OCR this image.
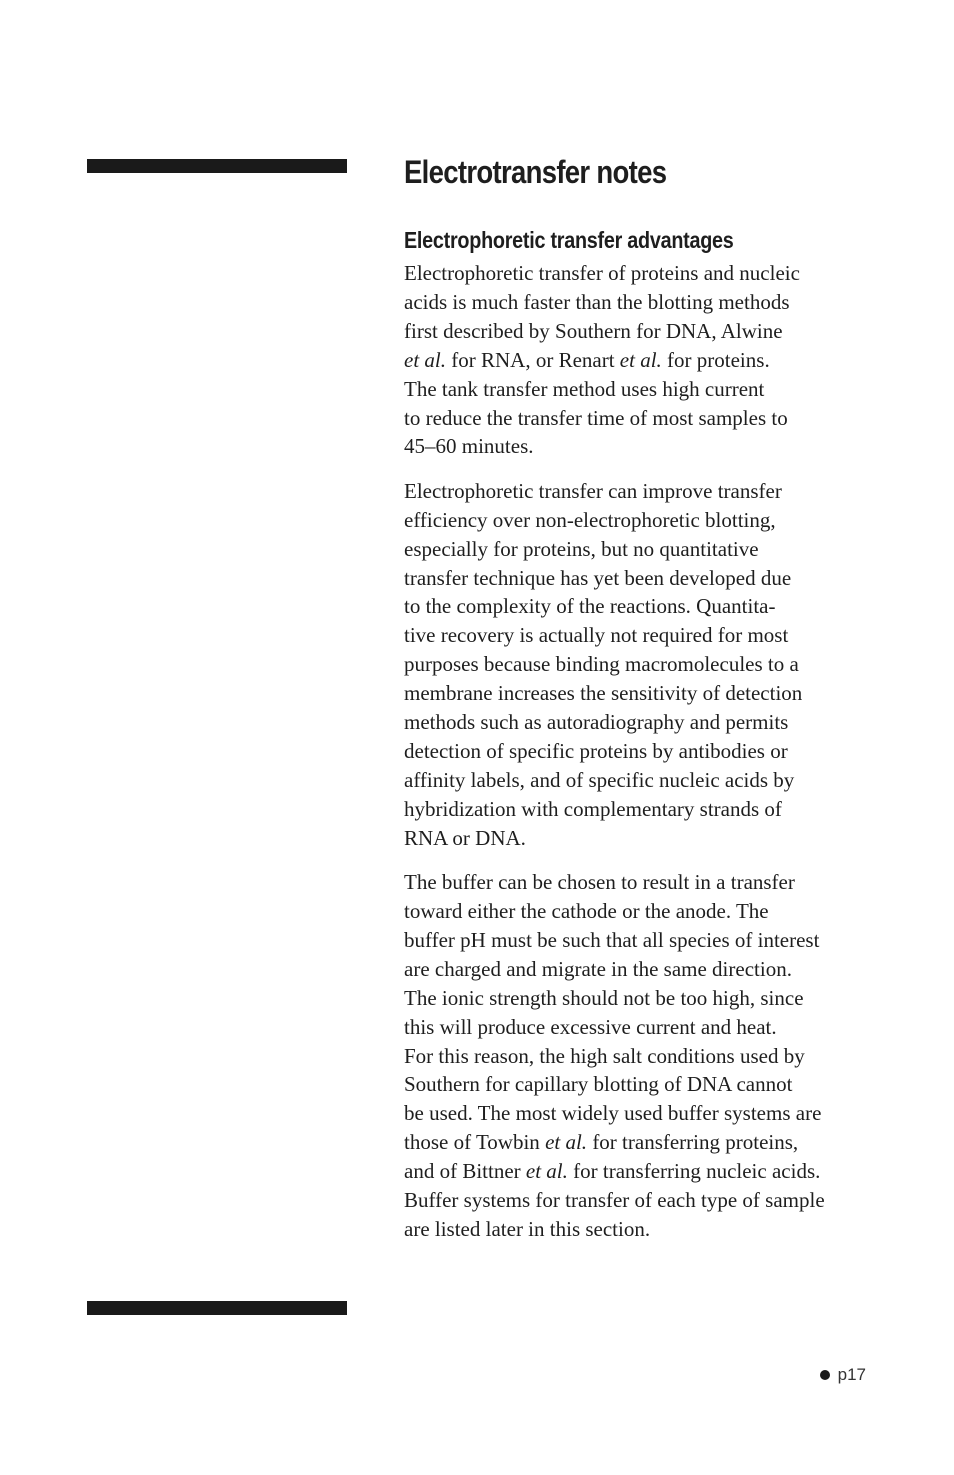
Electrotransfer notes
Electrophoretic transfer advantages

Electrophoretic transfer of proteins and nucleic
acids is much faster than the blotting methods
first described by Southern for DNA, Alwine
et al. for RNA, or Renart et al. for proteins.
The tank transfer method uses high current
to reduce the transfer time of most samples to
45–60 minutes.

Electrophoretic transfer can improve transfer
efficiency over non-electrophoretic blotting,
especially for proteins, but no quantitative
transfer technique has yet been developed due
to the complexity of the reactions. Quantita-
tive recovery is actually not required for most
purposes because binding macromolecules to a
membrane increases the sensitivity of detection
methods such as autoradiography and permits
detection of specific proteins by antibodies or
affinity labels, and of specific nucleic acids by
hybridization with complementary strands of
RNA or DNA.

The buffer can be chosen to result in a transfer
toward either the cathode or the anode. The
buffer pH must be such that all species of interest
are charged and migrate in the same direction.
The ionic strength should not be too high, since
this will produce excessive current and heat.
For this reason, the high salt conditions used by
Southern for capillary blotting of DNA cannot
be used. The most widely used buffer systems are
those of Towbin et al. for transferring proteins,
and of Bittner et al. for transferring nucleic acids.
Buffer systems for transfer of each type of sample
are listed later in this section.

p17
